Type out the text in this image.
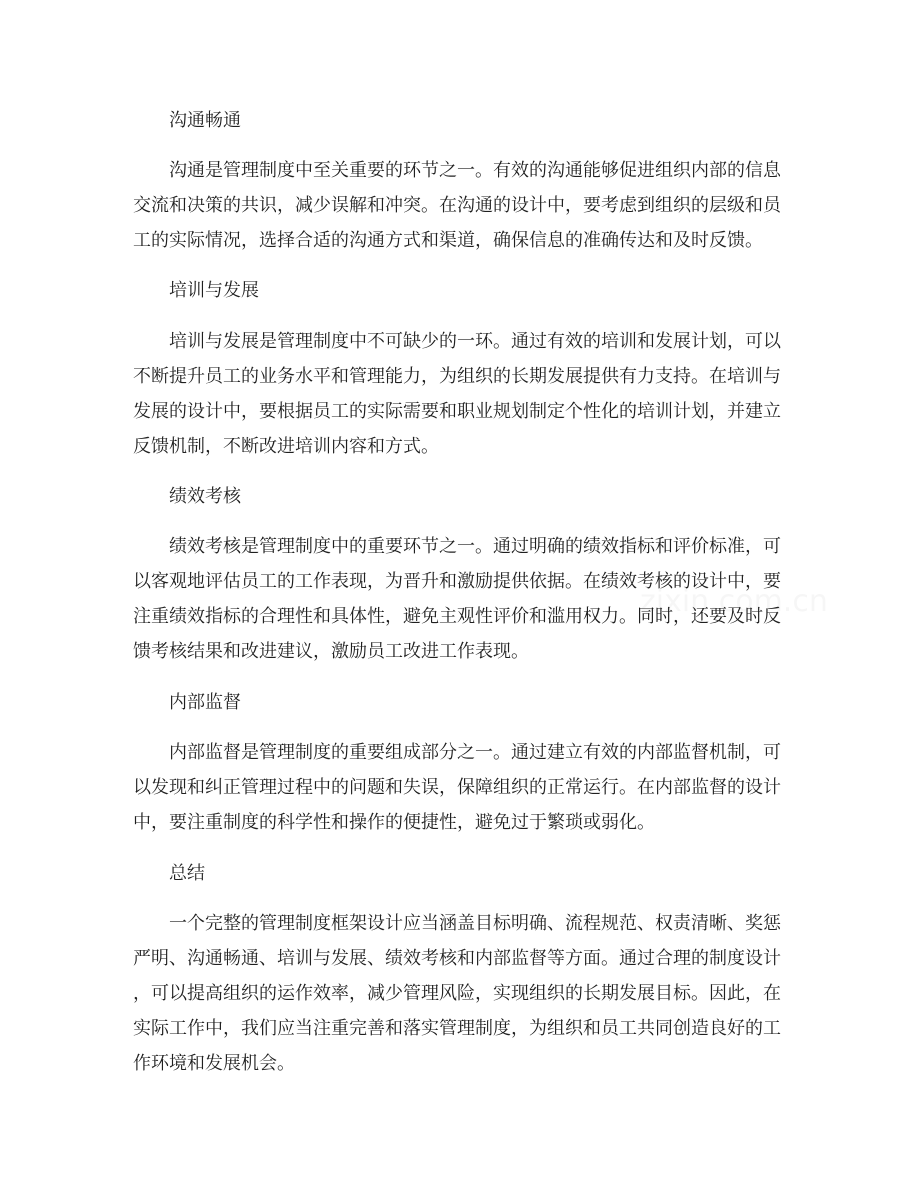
沟通畅通
沟通是管理制度中至关重要的环节之一。有效的沟通能够促进组织内部的信息
交流和决策的共识，减少误解和冲突。在沟通的设计中，要考虑到组织的层级和员
工的实际情况，选择合适的沟通方式和渠道，确保信息的准确传达和及时反馈。
培训与发展
培训与发展是管理制度中不可缺少的一环。通过有效的培训和发展计划，可以
不断提升员工的业务水平和管理能力，为组织的长期发展提供有力支持。在培训与
发展的设计中，要根据员工的实际需要和职业规划制定个性化的培训计划，并建立
反馈机制，不断改进培训内容和方式。
绩效考核
绩效考核是管理制度中的重要环节之一。通过明确的绩效指标和评价标准，可
以客观地评估员工的工作表现，为晋升和激励提供依据。在绩效考核的设计中，要
注重绩效指标的合理性和具体性，避免主观性评价和滥用权力。同时，还要及时反
馈考核结果和改进建议，激励员工改进工作表现。
内部监督
内部监督是管理制度的重要组成部分之一。通过建立有效的内部监督机制，可
以发现和纠正管理过程中的问题和失误，保障组织的正常运行。在内部监督的设计
中，要注重制度的科学性和操作的便捷性，避免过于繁琐或弱化。
总结
一个完整的管理制度框架设计应当涵盖目标明确、流程规范、权责清晰、奖惩
严明、沟通畅通、培训与发展、绩效考核和内部监督等方面。通过合理的制度设计
，可以提高组织的运作效率，减少管理风险，实现组织的长期发展目标。因此，在
实际工作中，我们应当注重完善和落实管理制度，为组织和员工共同创造良好的工
作环境和发展机会。
